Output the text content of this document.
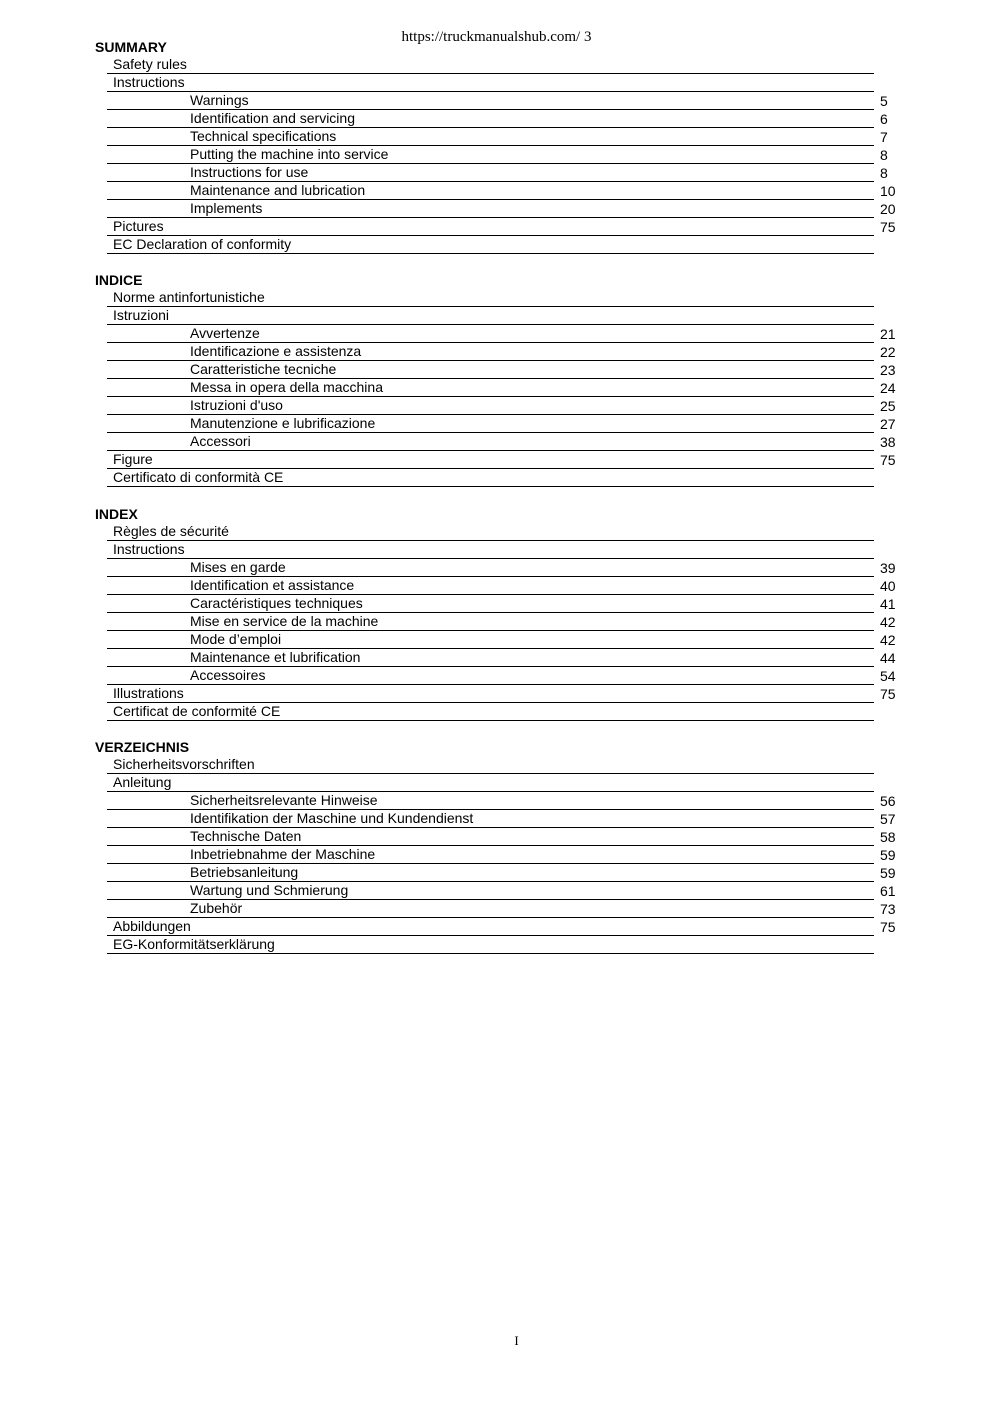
https://truckmanualshub.com/ 3
SUMMARY
Safety rules
Instructions
Warnings	5
Identification and servicing	6
Technical specifications	7
Putting the machine into service	8
Instructions for use	8
Maintenance and lubrication	10
Implements	20
Pictures	75
EC Declaration of conformity
INDICE
Norme antinfortunistiche
Istruzioni
Avvertenze	21
Identificazione e assistenza	22
Caratteristiche tecniche	23
Messa in opera della macchina	24
Istruzioni d'uso	25
Manutenzione e lubrificazione	27
Accessori	38
Figure	75
Certificato di conformità CE
INDEX
Règles de sécurité
Instructions
Mises en garde	39
Identification et assistance	40
Caractéristiques techniques	41
Mise en service de la machine	42
Mode d’emploi	42
Maintenance et lubrification	44
Accessoires	54
Illustrations	75
Certificat de conformité CE
VERZEICHNIS
Sicherheitsvorschriften
Anleitung
Sicherheitsrelevante Hinweise	56
Identifikation der Maschine und Kundendienst	57
Technische Daten	58
Inbetriebnahme der Maschine	59
Betriebsanleitung	59
Wartung und Schmierung	61
Zubehör	73
Abbildungen	75
EG-Konformitätserklärung
I
